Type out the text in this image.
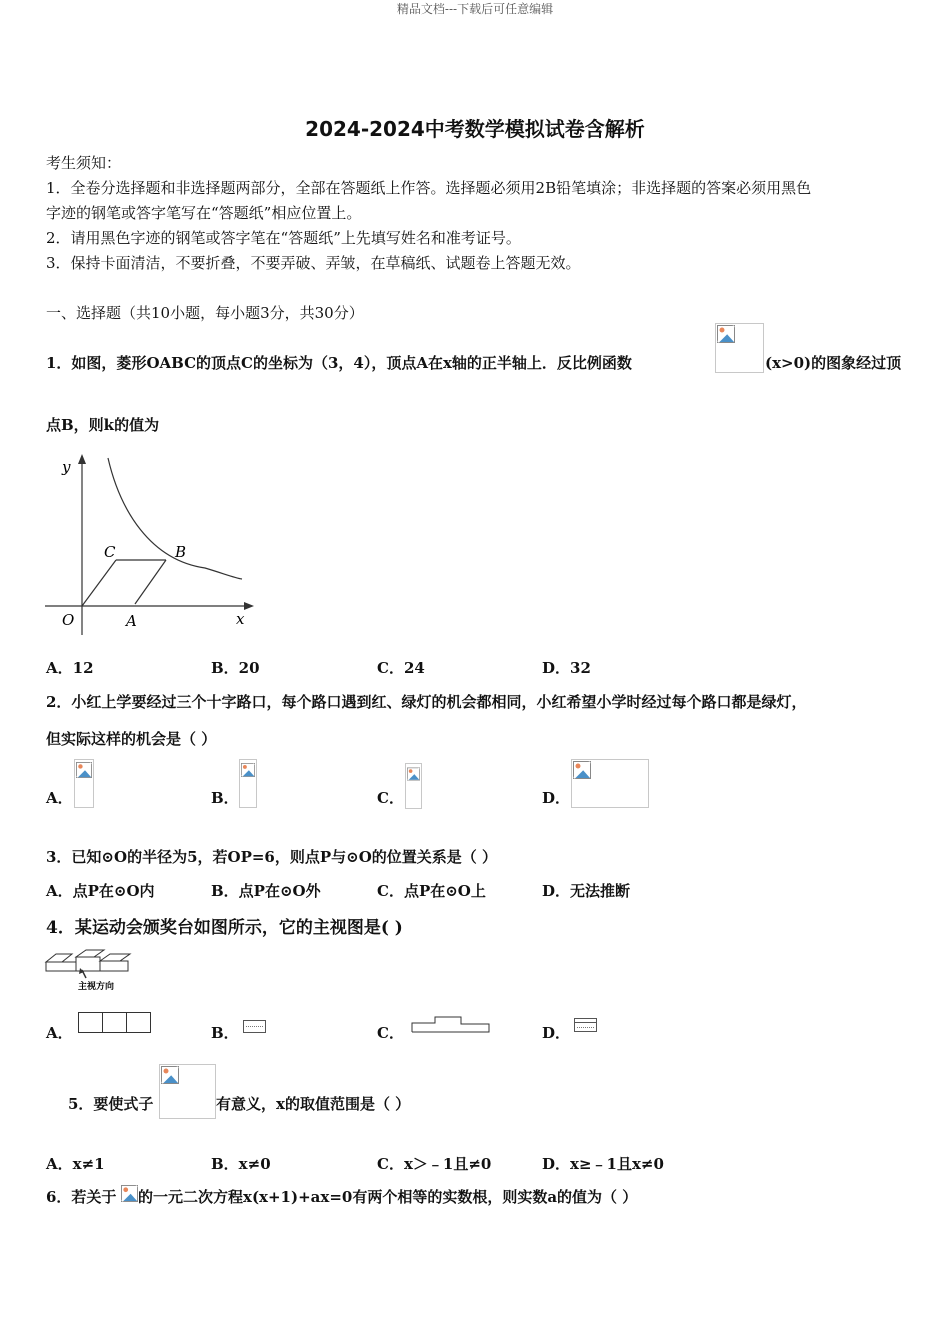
精品文档---下载后可任意编辑
2024-2024中考数学模拟试卷含解析
考生须知：
1．全卷分选择题和非选择题两部分，全部在答题纸上作答。选择题必须用2B铅笔填涂；非选择题的答案必须用黑色
字迹的钢笔或答字笔写在“答题纸”相应位置上。
2．请用黑色字迹的钢笔或答字笔在“答题纸”上先填写姓名和准考证号。
3．保持卡面清洁，不要折叠，不要弄破、弄皱，在草稿纸、试题卷上答题无效。
一、选择题（共10小题，每小题3分，共30分）
1．如图，菱形OABC的顶点C的坐标为（3，4），顶点A在x轴的正半轴上．反比例函数	(x>0)的图象经过顶
点B，则k的值为
y
x
O	A
B
C
A．12	B．20	C．24	D．32
2．小红上学要经过三个十字路口，每个路口遇到红、绿灯的机会都相同，小红希望小学时经过每个路口都是绿灯，
但实际这样的机会是（ ）
A．	B．	C．	D．
3．已知⊙O的半径为5，若OP=6，则点P与⊙O的位置关系是（ ）
A．点P在⊙O内	B．点P在⊙O外	C．点P在⊙O上	D．无法推断
4．某运动会颁奖台如图所示，它的主视图是( )
主视方向
A．	B．	C．	D．
5．要使式子	有意义，x的取值范围是（ ）
A．x≠1	B．x≠0	C．x＞﹣1且≠0	D．x≥﹣1且x≠0
6．若关于 的一元二次方程x(x+1)+ax=0有两个相等的实数根，则实数a的值为（ ）
